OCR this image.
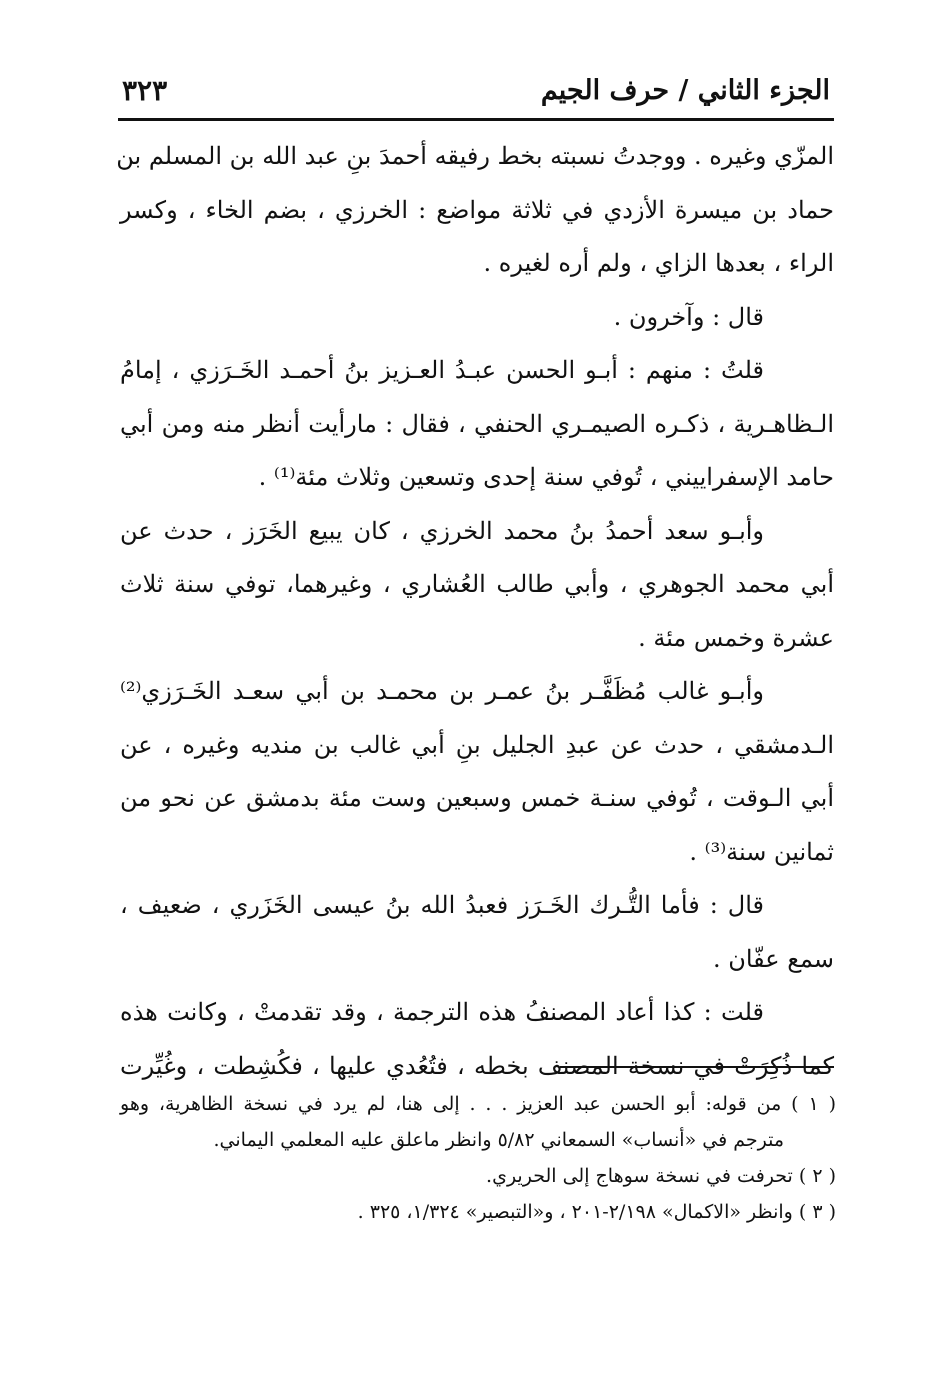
الجزء الثاني / حرف الجيم
٣٢٣
المزّي وغيره . ووجدتُ نسبته بخط رفيقه أحمدَ بنِ عبد الله بن المسلم بن
حماد بن ميسرة الأزدي في ثلاثة مواضع : الخرزي ، بضم الخاء ، وكسر
الراء ، بعدها الزاي ، ولم أره لغيره .
قال : وآخرون .
قلتُ : منهم : أبـو الحسن عبـدُ العـزيز بنُ أحمـد الخَـرَزي ، إمامُ
الـظاهـرية ، ذكـره الصيمـري الحنفي ، فقال : مارأيت أنظر منه ومن أبي
حامد الإسفراييني ، تُوفي سنة إحدى وتسعين وثلاث مئة⁽¹⁾ .
وأبـو سعد أحمدُ بنُ محمد الخرزي ، كان يبيع الخَرَز ، حدث عن
أبي محمد الجوهري ، وأبي طالب العُشاري ، وغيرهما، توفي سنة ثلاث
عشرة وخمس مئة .
وأبـو غالب مُظَفَّـر بنُ عمـر بن محمـد بن أبي سعـد الخَـرَزي⁽²⁾
الـدمشقي ، حدث عن عبدِ الجليل بنِ أبي غالب بن منديه وغيره ، عن
أبي الـوقت ، تُوفي سنـة خمس وسبعين وست مئة بدمشق عن نحو من
ثمانين سنة⁽³⁾ .
قال : فأما التُّـرك الخَـرَز فعبدُ الله بنُ عيسى الخَزَري ، ضعيف ،
سمع عفّان .
قلت : كذا أعاد المصنفُ هذه الترجمة ، وقد تقدمتْ ، وكانت هذه
كما ذُكِرَتْ في نسخة المصنف بخطه ، فتُعُدي عليها ، فكُشِطت ، وغُيِّرت
( ١ ) من قوله: أبو الحسن عبد العزيز . . . إلى هنا، لم يرد في نسخة الظاهرية، وهو
مترجم في «أنساب» السمعاني ٥/٨٢ وانظر ماعلق عليه المعلمي اليماني.
( ٢ ) تحرفت في نسخة سوهاج إلى الحريري.
( ٣ ) وانظر «الاكمال» ٢/١٩٨-٢٠١ ، و«التبصير» ١/٣٢٤، ٣٢٥ .
